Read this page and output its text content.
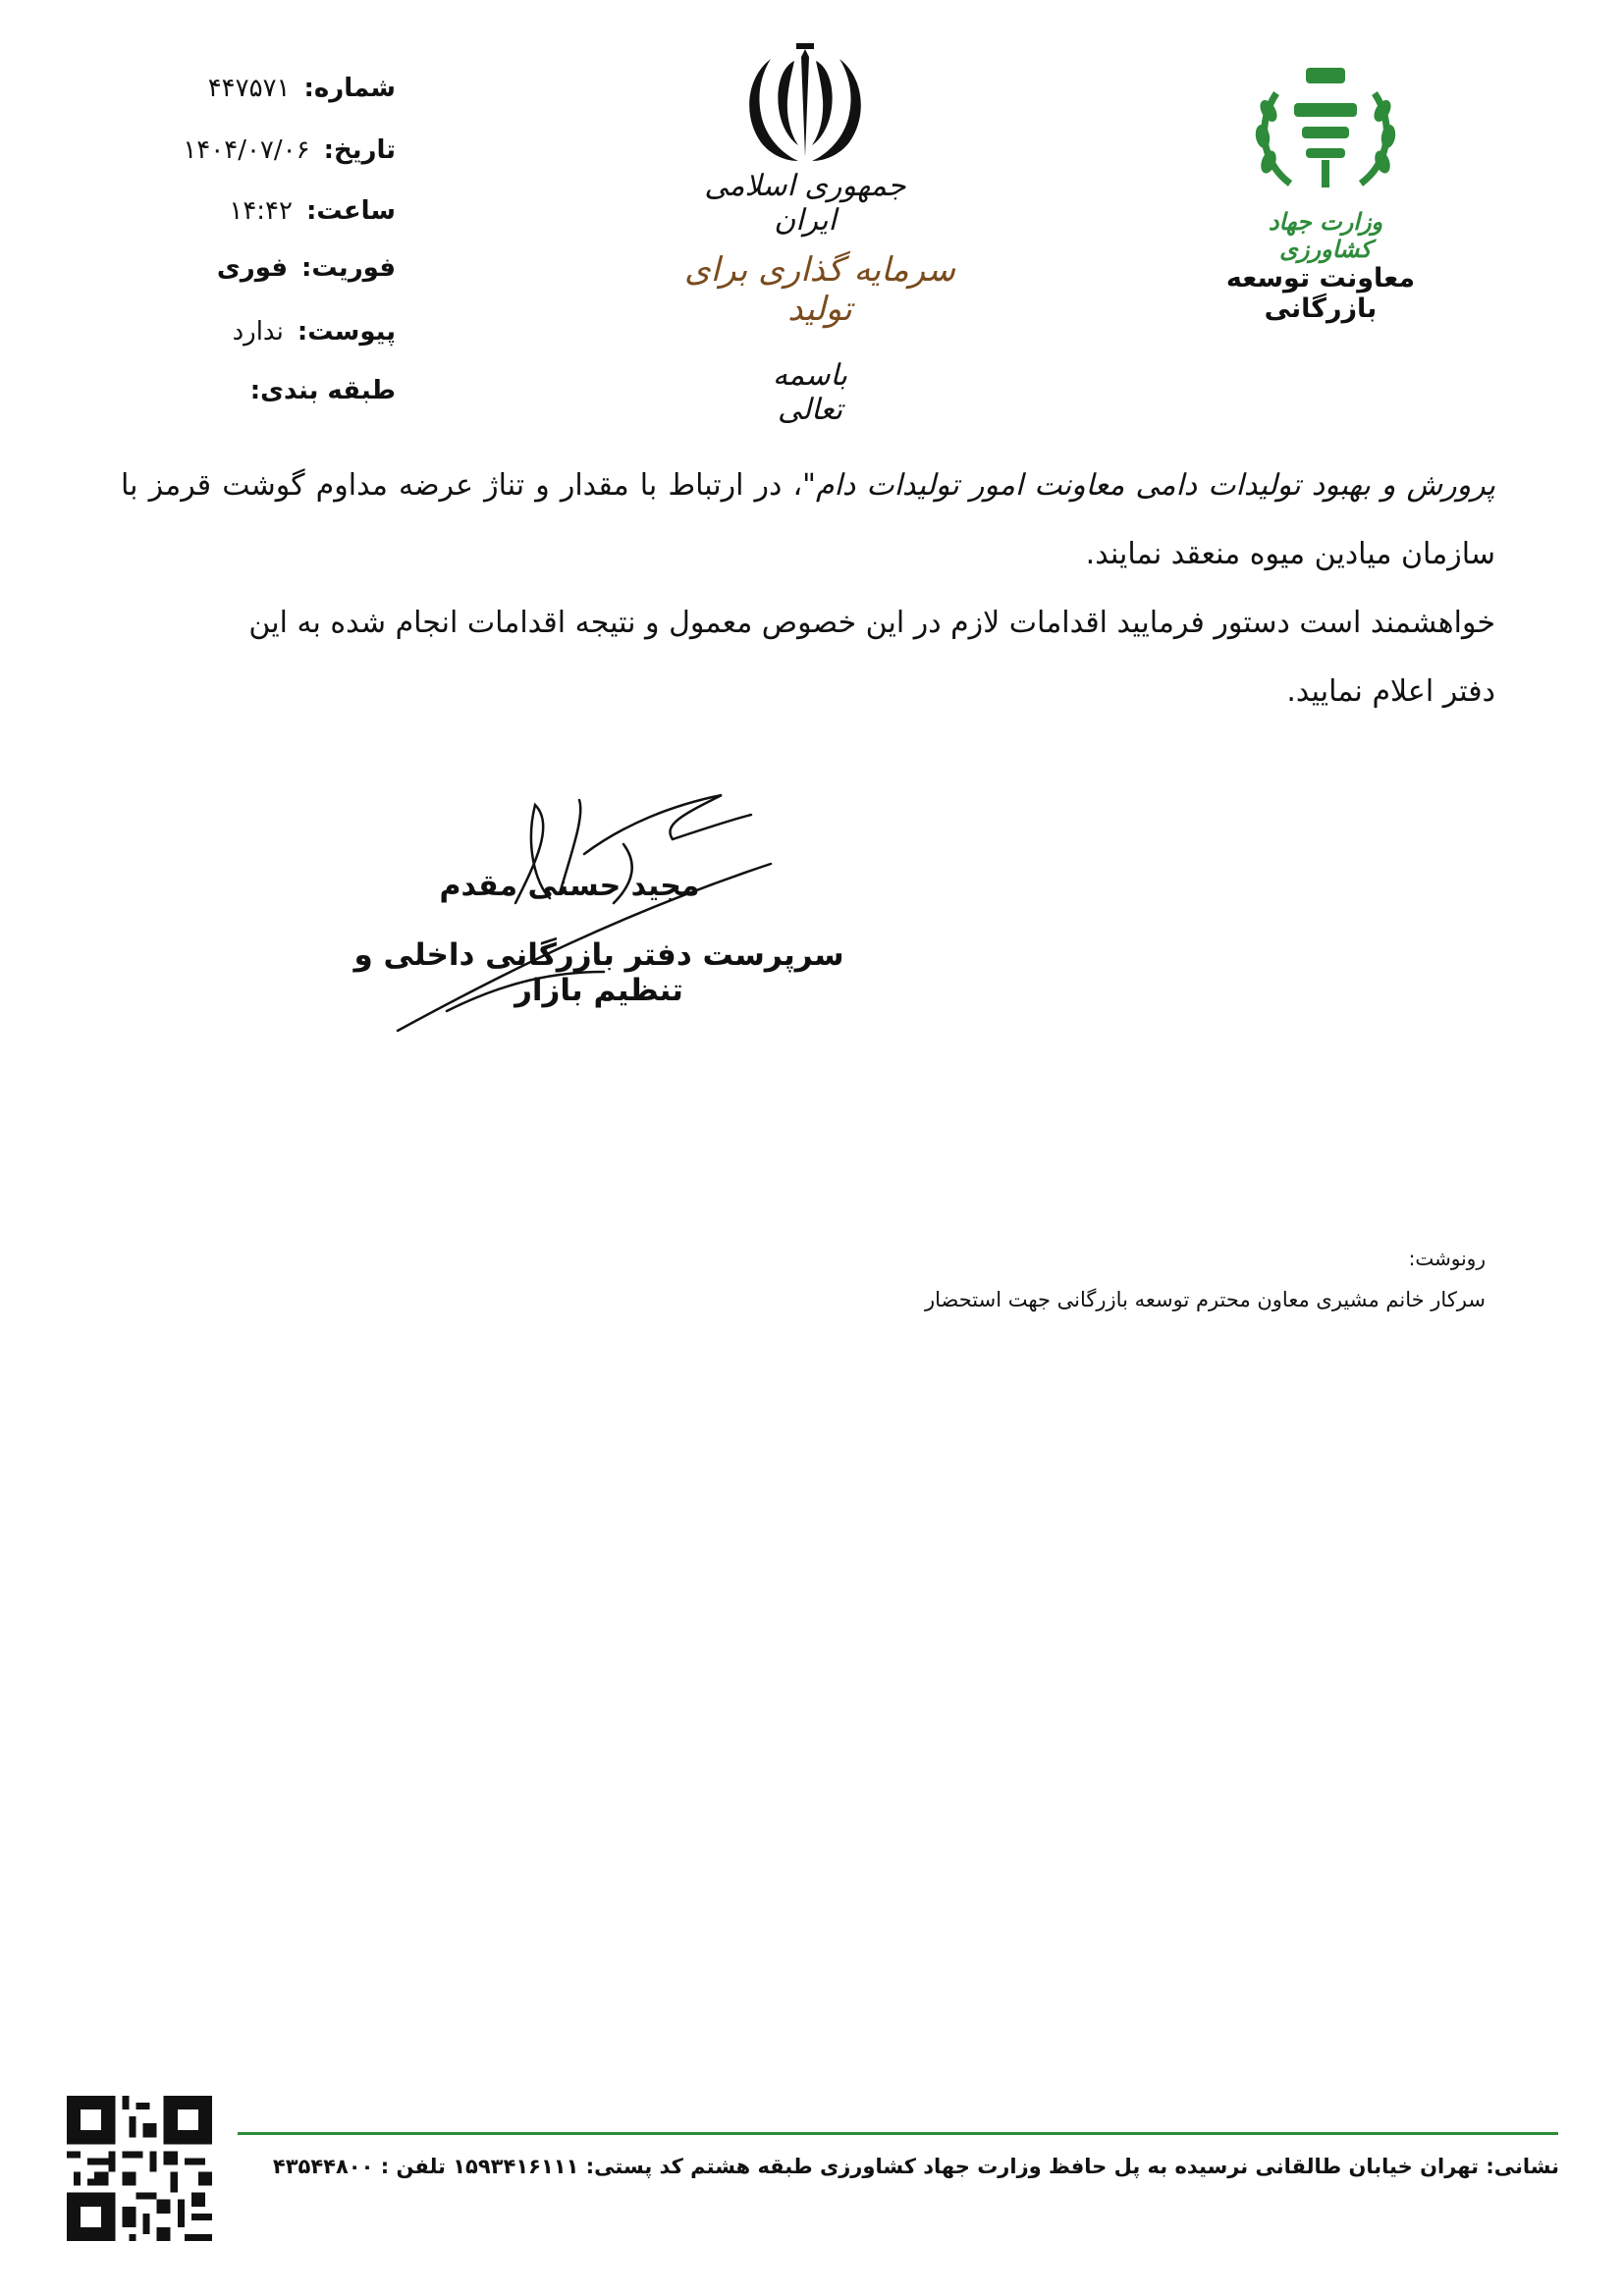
شماره:
۴۴۷۵۷۱
تاریخ:
۱۴۰۴/۰۷/۰۶
ساعت:
۱۴:۴۲
فوریت:
فوری
پیوست:
ندارد
طبقه بندی:
جمهوری اسلامی ایران
سرمایه گذاری برای تولید
باسمه تعالی
وزارت جهاد کشاورزی
معاونت توسعه بازرگانی
پرورش و بهبود تولیدات دامی معاونت امور تولیدات دام"، در ارتباط با مقدار و تناژ عرضه مداوم گوشت قرمز با سازمان میادین میوه منعقد نمایند.
خواهشمند است دستور فرمایید اقدامات لازم در این خصوص معمول و نتیجه اقدامات انجام شده به این دفتر اعلام نمایید.
مجید حسنی مقدم
سرپرست دفتر بازرگانی داخلی و تنظیم بازار
رونوشت:
سرکار خانم مشیری معاون محترم توسعه بازرگانی جهت استحضار
نشانی: تهران خیابان طالقانی نرسیده به پل حافظ وزارت جهاد کشاورزی طبقه هشتم کد پستی: ۱۵۹۳۴۱۶۱۱۱ تلفن : ۴۳۵۴۴۸۰۰
